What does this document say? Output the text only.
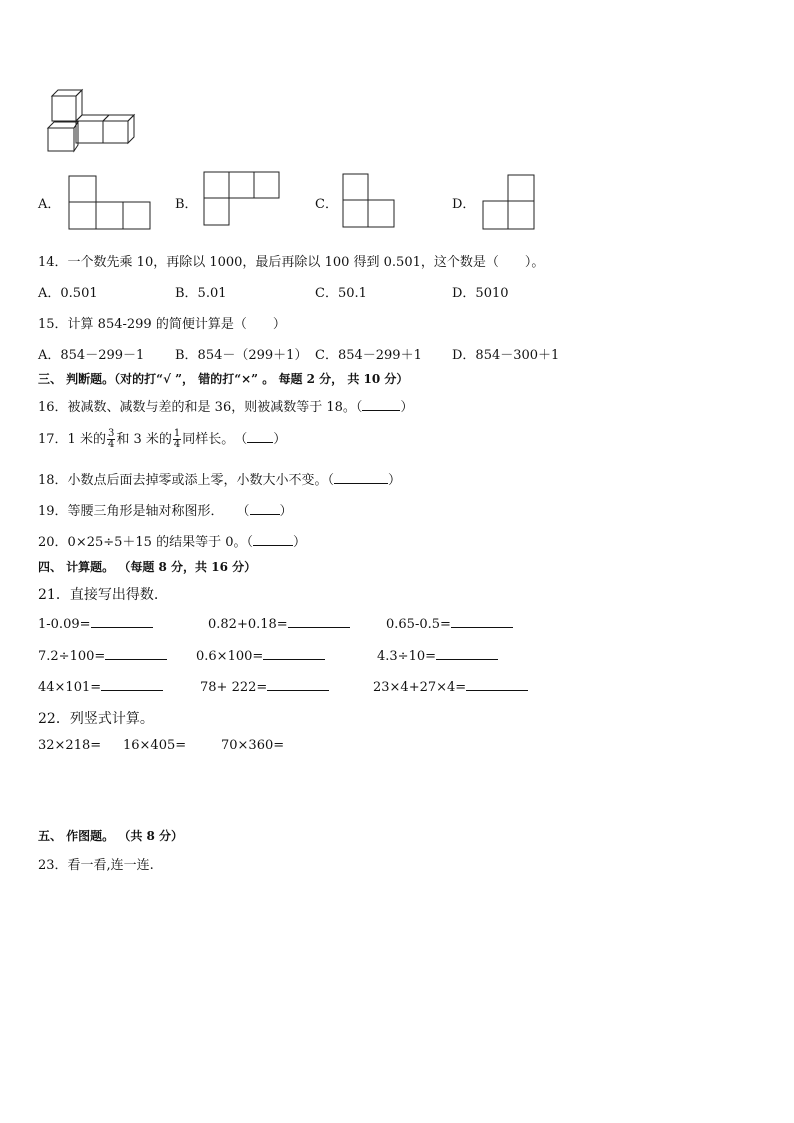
A．	B．	C．	D．
14．一个数先乘 10，再除以 1000，最后再除以 100 得到 0.501，这个数是（　　）。
A．0.501	B．5.01	C．50.1	D．5010
15．计算 854-299 的简便计算是（　　）
A．854－299－1 B．854－（299＋1） C．854－299＋1 D．854－300＋1
三、 判断题。（对的打“√ ”， 错的打“×” 。 每题 2 分， 共 10 分）
16．被减数、减数与差的和是 36，则被减数等于 18。（	）
17．1 米的 $\frac{3}{4}$ 和 3 米的 $\frac{1}{4}$ 同样长。　（ ）
18．小数点后面去掉零或添上零，小数大小不变。（	）
19．等腰三角形是轴对称图形．　　（ ）
20．0×25÷5＋15 的结果等于 0。（	）
四、 计算题。 （每题 8 分，共 16 分）
21．直接写出得数.
1-0.09=	0.82+0.18=	0.65-0.5=
7.2÷100=	0.6×100=	4.3÷10=
44×101=	78+ 222=	23×4+27×4=
22．列竖式计算。
32×218= 16×405=	70×360=
五、 作图题。 （共 8 分）
23．看一看,连一连.
